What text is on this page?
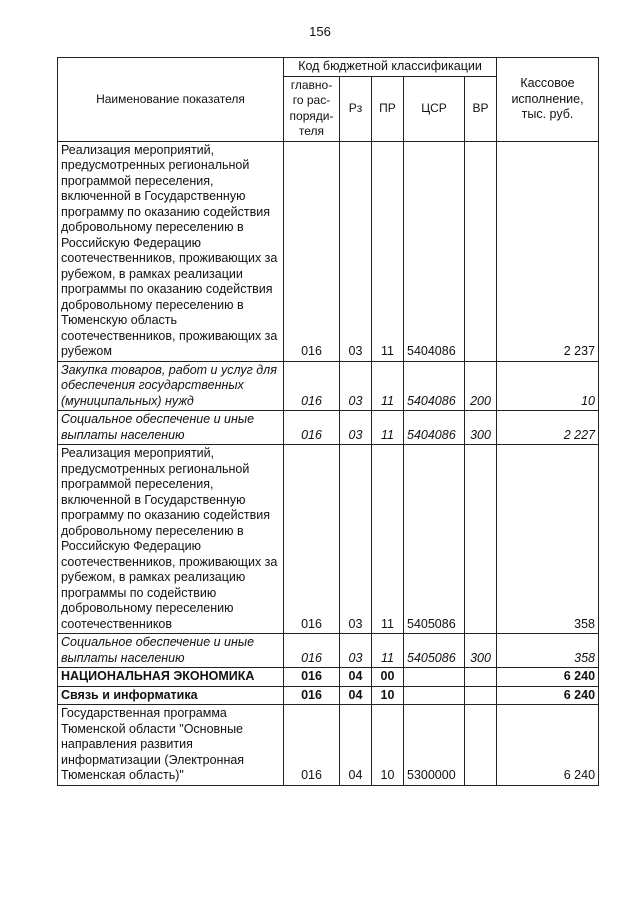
156
Наименование показателя	Код бюджетной классификации					Кассовое исполнение, тыс. руб.
	главно-го рас-поряди-теля	Рз	ПР	ЦСР	ВР	
Реализация мероприятий, предусмотренных региональной программой переселения, включенной в Государственную программу по оказанию содействия добровольному переселению в Российскую Федерацию соотечественников, проживающих за рубежом, в рамках реализации программы по оказанию содействия добровольному переселению в Тюменскую область соотечественников, проживающих за рубежом	016	03	11	5404086		2 237
Закупка товаров, работ и услуг для обеспечения государственных (муниципальных) нужд	016	03	11	5404086	200	10
Социальное обеспечение и иные выплаты населению	016	03	11	5404086	300	2 227
Реализация мероприятий, предусмотренных региональной программой переселения, включенной в Государственную программу по оказанию содействия добровольному переселению в Российскую Федерацию соотечественников, проживающих за рубежом, в рамках реализацию программы по содействию добровольному переселению соотечественников	016	03	11	5405086		358
Социальное обеспечение и иные выплаты населению	016	03	11	5405086	300	358
НАЦИОНАЛЬНАЯ ЭКОНОМИКА	016	04	00			6 240
Связь и информатика	016	04	10			6 240
Государственная программа Тюменской области "Основные направления развития информатизации (Электронная Тюменская область)"	016	04	10	5300000		6 240
